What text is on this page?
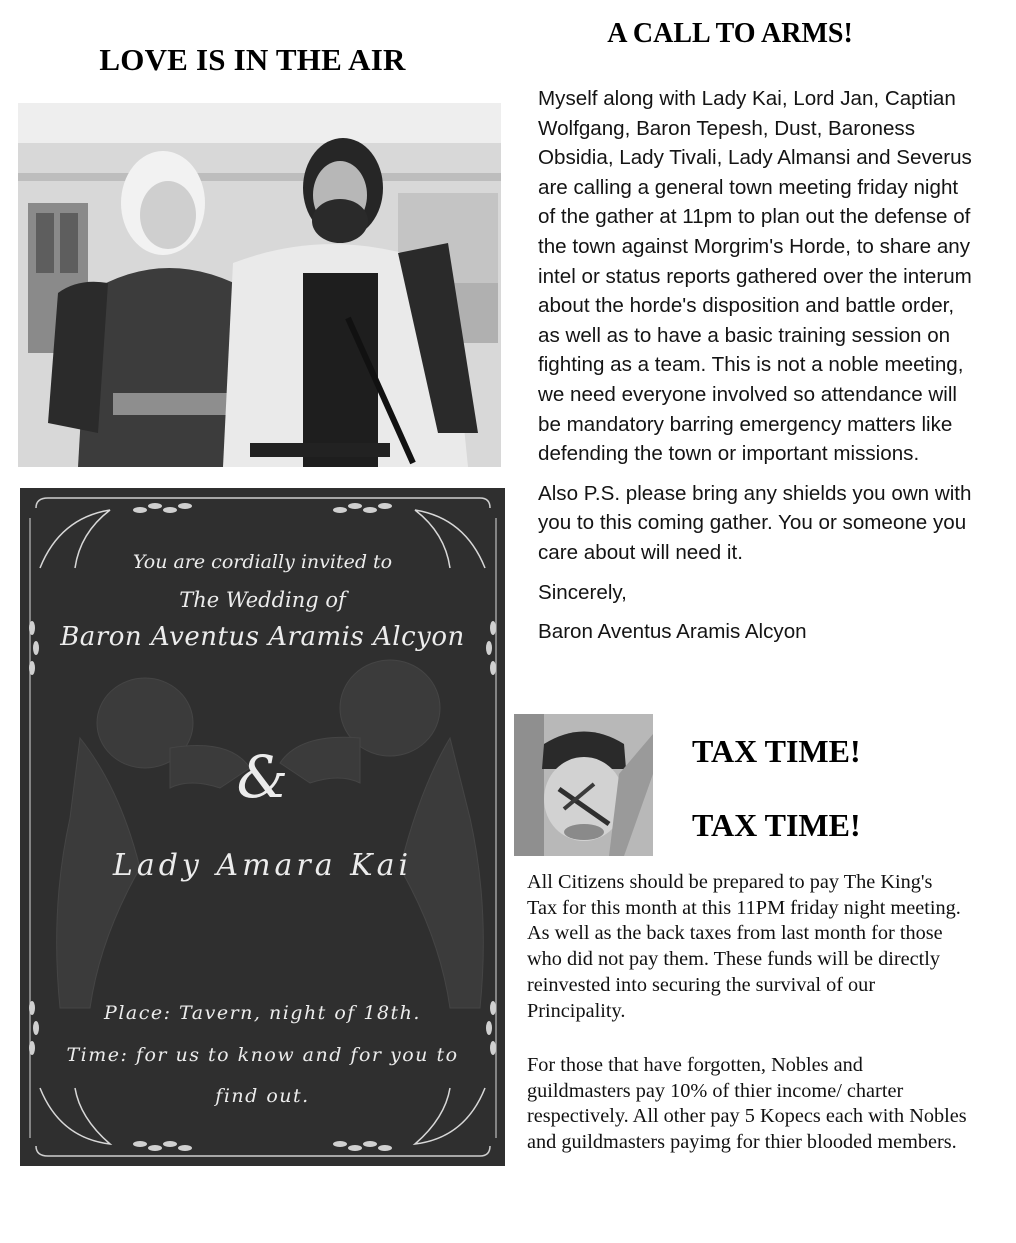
LOVE IS IN THE AIR
You are cordially invited to
The Wedding of
Baron Aventus Aramis Alcyon
&
Lady Amara Kai
Place: Tavern, night of 18th.
Time: for us to know and for you to
find out.
A CALL TO ARMS!

Myself along with Lady Kai, Lord Jan, Captian Wolfgang, Baron Tepesh, Dust, Baroness Obsidia, Lady Tivali, Lady Almansi and Severus are calling a general town meeting friday night of the gather at 11pm to plan out the defense of the town against Morgrim's Horde, to share any intel or status reports gathered over the interum about the horde's disposition and battle order, as well as to have a basic training session on fighting as a team. This is not a noble meeting, we need everyone involved so attendance will be mandatory barring emergency matters like defending the town or important missions.

Also P.S. please bring any shields you own with you to this coming gather. You or someone you care about will need it.

Sincerely,

Baron Aventus Aramis Alcyon

TAX TIME!
TAX TIME!
All Citizens should be prepared to pay The King's Tax for this month at this 11PM friday night meeting. As well as the back taxes from last month for those who did not pay them. These funds will be directly reinvested into securing the survival of our Principality.
For those that have forgotten, Nobles and guildmasters pay 10% of thier income/ charter respectively. All other pay 5 Kopecs each with Nobles and guildmasters payimg for thier blooded members.
